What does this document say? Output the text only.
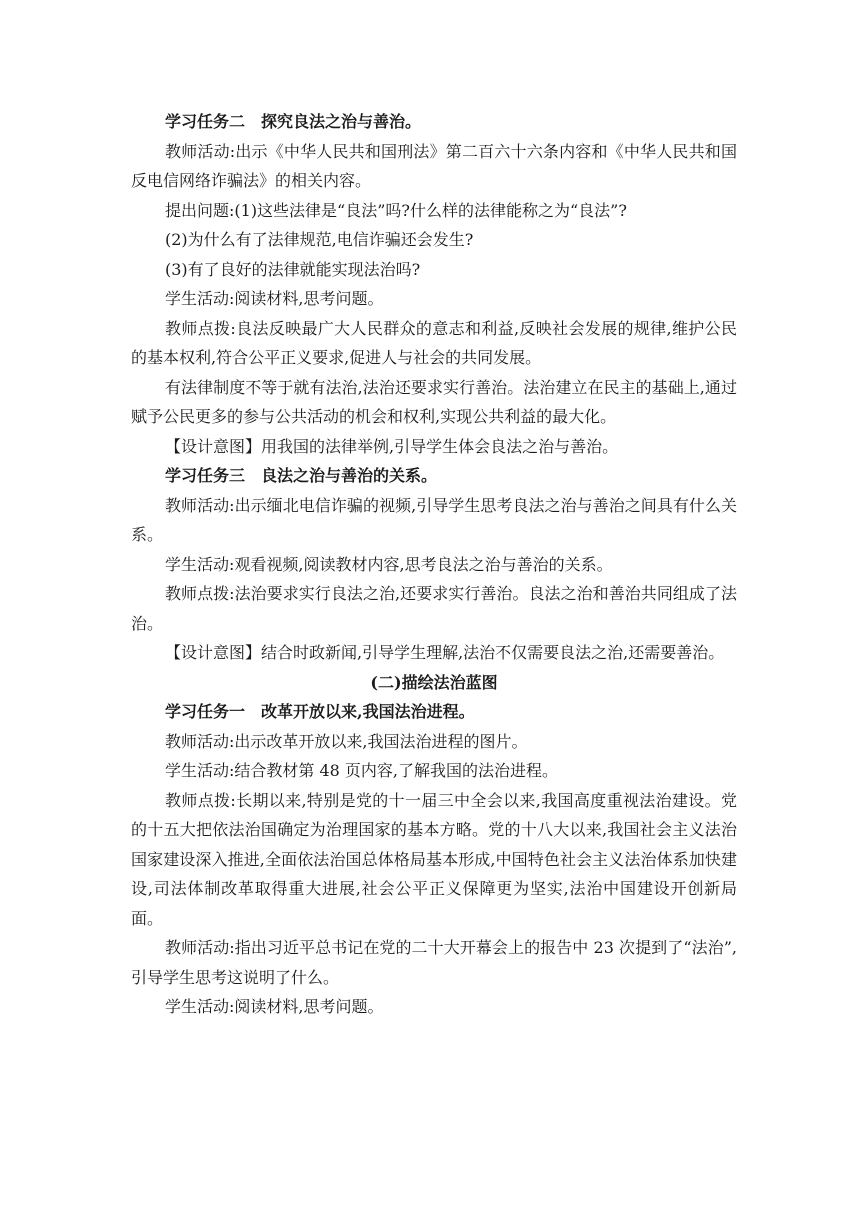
学习任务二　探究良法之治与善治。

教师活动:出示《中华人民共和国刑法》第二百六十六条内容和《中华人民共和国反电信网络诈骗法》的相关内容。

提出问题:(1)这些法律是“良法”吗?什么样的法律能称之为“良法”?

(2)为什么有了法律规范,电信诈骗还会发生?

(3)有了良好的法律就能实现法治吗?

学生活动:阅读材料,思考问题。

教师点拨:良法反映最广大人民群众的意志和利益,反映社会发展的规律,维护公民的基本权利,符合公平正义要求,促进人与社会的共同发展。

有法律制度不等于就有法治,法治还要求实行善治。法治建立在民主的基础上,通过赋予公民更多的参与公共活动的机会和权利,实现公共利益的最大化。

【设计意图】用我国的法律举例,引导学生体会良法之治与善治。

学习任务三　良法之治与善治的关系。

教师活动:出示缅北电信诈骗的视频,引导学生思考良法之治与善治之间具有什么关系。

学生活动:观看视频,阅读教材内容,思考良法之治与善治的关系。

教师点拨:法治要求实行良法之治,还要求实行善治。良法之治和善治共同组成了法治。

【设计意图】结合时政新闻,引导学生理解,法治不仅需要良法之治,还需要善治。

(二)描绘法治蓝图

学习任务一　改革开放以来,我国法治进程。

教师活动:出示改革开放以来,我国法治进程的图片。

学生活动:结合教材第 48 页内容,了解我国的法治进程。

教师点拨:长期以来,特别是党的十一届三中全会以来,我国高度重视法治建设。党的十五大把依法治国确定为治理国家的基本方略。党的十八大以来,我国社会主义法治国家建设深入推进,全面依法治国总体格局基本形成,中国特色社会主义法治体系加快建设,司法体制改革取得重大进展,社会公平正义保障更为坚实,法治中国建设开创新局面。

教师活动:指出习近平总书记在党的二十大开幕会上的报告中 23 次提到了“法治”,引导学生思考这说明了什么。

学生活动:阅读材料,思考问题。
